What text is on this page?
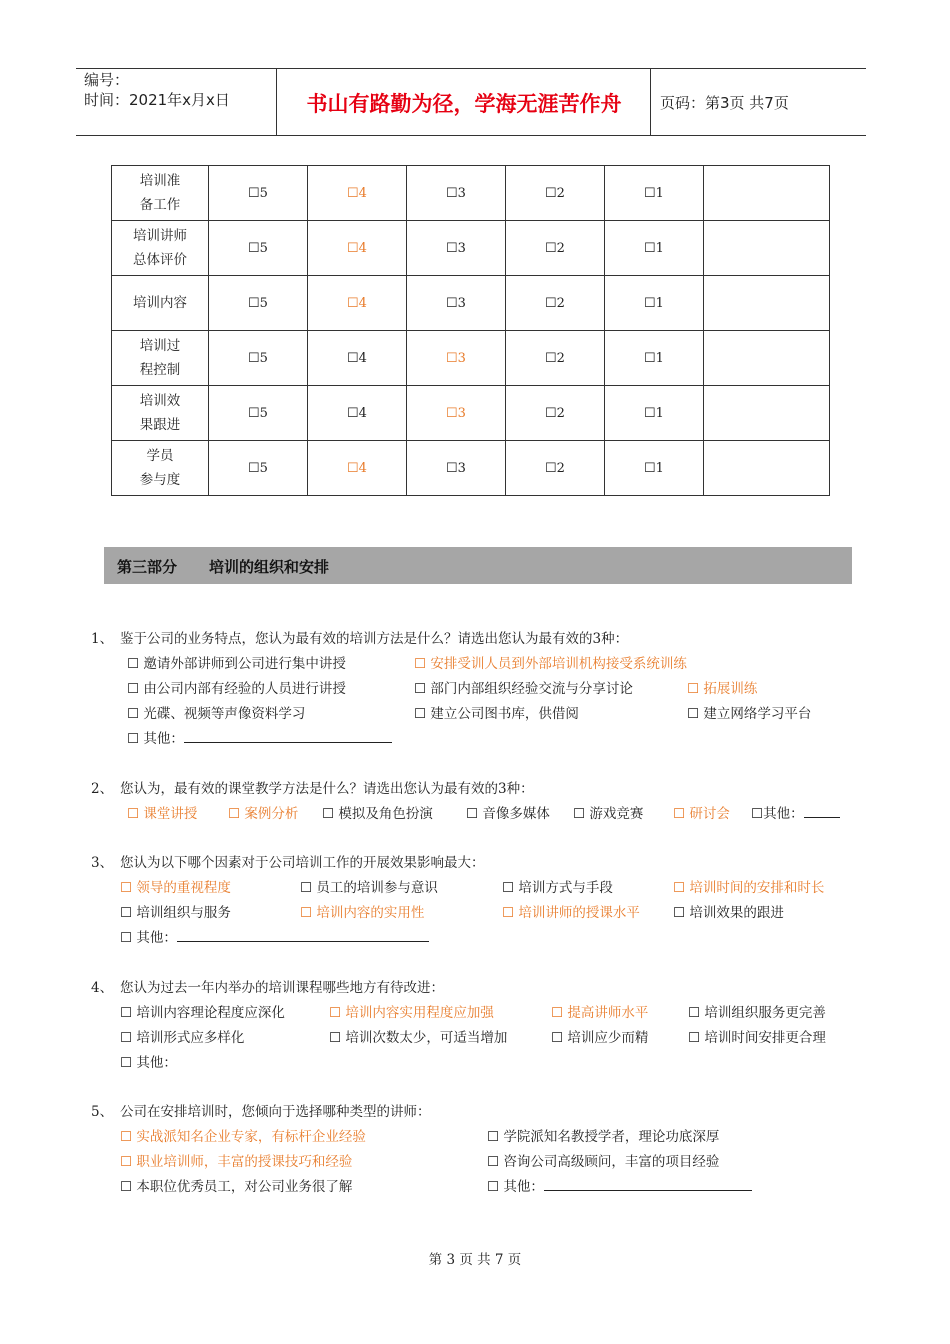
编号：
时间：2021年x月x日	书山有路勤为径，学海无涯苦作舟	页码：第3页 共7页
培训准
备工作	☐5	☐4	☐3	☐2	☐1	

培训讲师
总体评价	☐5	☐4	☐3	☐2	☐1	

培训内容	☐5	☐4	☐3	☐2	☐1	

培训过
程控制	☐5	☐4	☐3	☐2	☐1	

培训效
果跟进	☐5	☐4	☐3	☐2	☐1	

学员
参与度	☐5	☐4	☐3	☐2	☐1	
第三部分 培训的组织和安排
1、 鉴于公司的业务特点，您认为最有效的培训方法是什么？请选出您认为最有效的3种：
☐ 邀请外部讲师到公司进行集中讲授	☐ 安排受训人员到外部培训机构接受系统训练
☐ 由公司内部有经验的人员进行讲授	☐ 部门内部组织经验交流与分享讨论	☐ 拓展训练
☐ 光碟、视频等声像资料学习	☐ 建立公司图书库，供借阅	☐ 建立网络学习平台
☐ 其他：
2、 您认为，最有效的课堂教学方法是什么？请选出您认为最有效的3种：
☐ 课堂讲授 ☐ 案例分析 ☐ 模拟及角色扮演 ☐ 音像多媒体 ☐ 游戏竞赛 ☐ 研讨会 ☐其他：
3、 您认为以下哪个因素对于公司培训工作的开展效果影响最大：
☐ 领导的重视程度	☐ 员工的培训参与意识	☐ 培训方式与手段	☐ 培训时间的安排和时长
☐ 培训组织与服务	☐ 培训内容的实用性	☐ 培训讲师的授课水平 ☐ 培训效果的跟进
☐ 其他：
4、 您认为过去一年内举办的培训课程哪些地方有待改进：
☐ 培训内容理论程度应深化	☐ 培训内容实用程度应加强	☐ 提高讲师水平	☐ 培训组织服务更完善
☐ 培训形式应多样化	☐ 培训次数太少，可适当增加	☐ 培训应少而精	☐ 培训时间安排更合理
☐ 其他：
5、 公司在安排培训时，您倾向于选择哪种类型的讲师：
☐ 实战派知名企业专家，有标杆企业经验	☐ 学院派知名教授学者，理论功底深厚
☐ 职业培训师，丰富的授课技巧和经验	☐ 咨询公司高级顾问，丰富的项目经验
☐ 本职位优秀员工，对公司业务很了解	☐ 其他：
第 3 页 共 7 页
